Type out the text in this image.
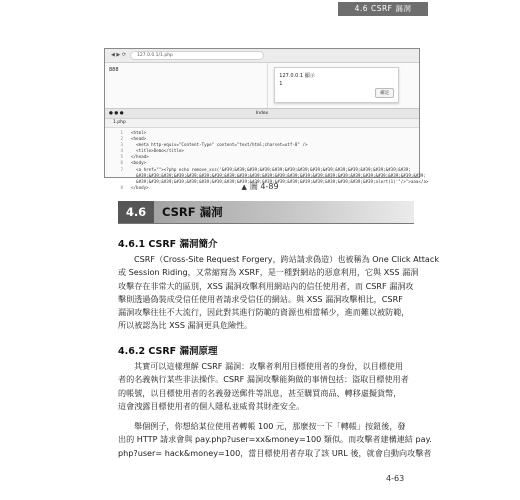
4.6 CSRF 漏洞
◀ ▶ ⟳	127.0.0.1/1.php
888
127.0.0.1 顯示
1
確定
● ● ●	Index
1.php
1 <html>
2 <head>
3  <meta http-equiv="Content-Type" content="text/html;charset=utf-8" />
4  <title>Demo</title>
5 </head>
6 <body>
7  <a href=""><?php echo remove_xss('&#39;&#39;&#39;&#39;&#39;&#39;&#39;&#39;&#39;&#39;&#39;&#39;&#39;&#39;&#39;
&#39;&#39;&#39;&#39;&#39;&#39;&#39;&#39;&#39;&#39;&#39;&#39;&#39;&#39;&#39;&#39;&#39;&#39;&#39;&#39;&#39;&#39;&#39;
&#39;&#39;&#39;&#39;&#39;&#39;&#39;&#39;&#39;&#39;&#39;&#39;&#39;&#39;&#39;&#39;&#39;&#39;&#39;alert(1)'"/>">aaa</a>
8 </body>	▲ 圖 4-89
4.6	CSRF 漏洞
4.6.1 CSRF 漏洞簡介
CSRF（Cross-Site Request Forgery，跨站請求偽造）也被稱為 One Click Attack
或 Session Riding，又常縮寫為 XSRF，是一種對網站的惡意利用，它與 XSS 漏洞
攻擊存在非常大的區別，XSS 漏洞攻擊利用網站內的信任使用者，而 CSRF 漏洞攻
擊則透過偽裝成受信任使用者請求受信任的網站。與 XSS 漏洞攻擊相比，CSRF
漏洞攻擊往往不大流行，因此對其進行防範的資源也相當稀少，進而難以被防範，
所以被認為比 XSS 漏洞更具危險性。
4.6.2 CSRF 漏洞原理
其實可以這樣理解 CSRF 漏洞：攻擊者利用目標使用者的身份，以目標使用
者的名義執行某些非法操作。CSRF 漏洞攻擊能夠做的事情包括：盜取目標使用者
的帳號，以目標使用者的名義發送郵件等訊息，甚至購買商品、轉移虛擬貨幣，
這會洩露目標使用者的個人隱私並威脅其財產安全。
舉個例子，你想給某位使用者轉帳 100 元，那麼按一下「轉帳」按鈕後，發
出的 HTTP 請求會與 pay.php?user=xx&money=100 類似。而攻擊者建構連結 pay.
php?user= hack&money=100，當目標使用者存取了該 URL 後，就會自動向攻擊者
4-63
